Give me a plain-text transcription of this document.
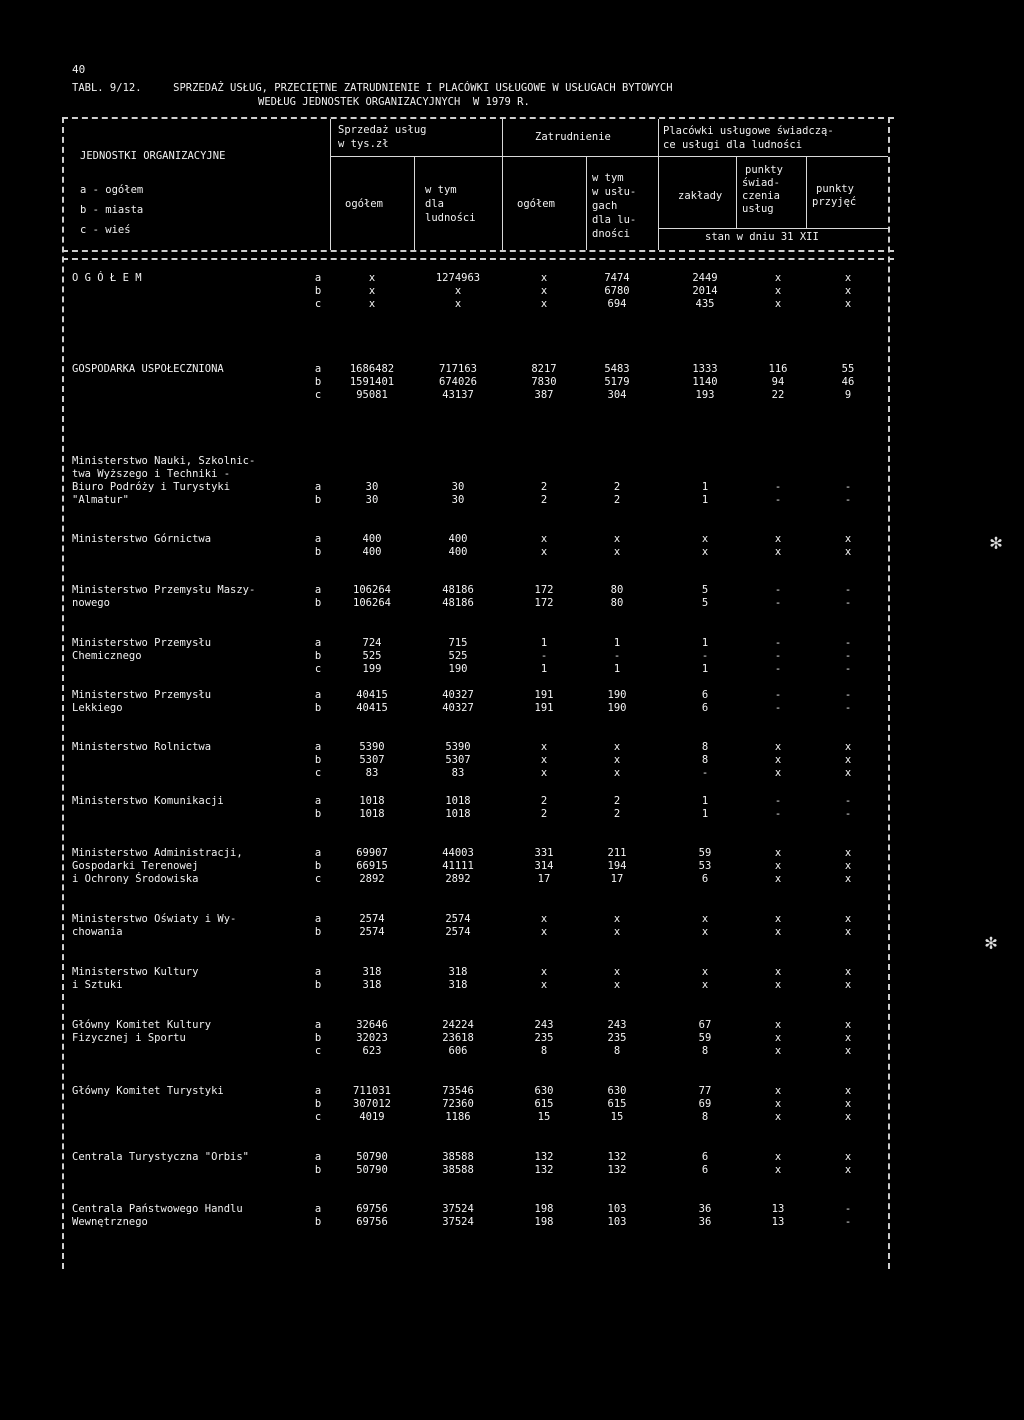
40
TABL. 9/12.     SPRZEDAŻ USŁUG, PRZECIĘTNE ZATRUDNIENIE I PLACÓWKI USŁUGOWE W USŁUGACH BYTOWYCH
WEDŁUG JEDNOSTEK ORGANIZACYJNYCH  W 1979 R.
JEDNOSTKI ORGANIZACYJNE
a - ogółem
b - miasta
c - wieś
Sprzedaż usług
w tys.zł
ogółem
w tym
dla
ludności
Zatrudnienie
ogółem
w tym
w usłu-
gach
dla lu-
dności
Placówki usługowe świadczą-
ce usługi dla ludności
zakłady
punkty
świad-
czenia
usług
punkty
przyjęć
stan w dniu 31 XII
O G Ó Ł E M	a	x	1274963	x	7474	2449	x	x
b	x	x	x	6780	2014	x	x
c	x	x	x	694	435	x	x
GOSPODARKA USPOŁECZNIONA	a	1686482	717163	8217	5483	1333	116	55
b	1591401	674026	7830	5179	1140	94	46
c	95081	43137	387	304	193	22	9
Ministerstwo Nauki, Szkolnic-
twa Wyższego i Techniki -
Biuro Podróży i Turystyki
"Almatur"
a	30	30	2	2	1	-	-
b	30	30	2	2	1	-	-
Ministerstwo Górnictwa	a	400	400	x	x	x	x	x
b	400	400	x	x	x	x	x
Ministerstwo Przemysłu Maszy-
nowego
a	106264	48186	172	80	5	-	-
b	106264	48186	172	80	5	-	-
Ministerstwo Przemysłu
Chemicznego
a	724	715	1	1	1	-	-
b	525	525	-	-	-	-	-
c	199	190	1	1	1	-	-
Ministerstwo Przemysłu
Lekkiego
a	40415	40327	191	190	6	-	-
b	40415	40327	191	190	6	-	-
Ministerstwo Rolnictwa	a	5390	5390	x	x	8	x	x
b	5307	5307	x	x	8	x	x
c	83	83	x	x	-	x	x
Ministerstwo Komunikacji	a	1018	1018	2	2	1	-	-
b	1018	1018	2	2	1	-	-
Ministerstwo Administracji,
Gospodarki Terenowej
i Ochrony Środowiska
a	69907	44003	331	211	59	x	x
b	66915	41111	314	194	53	x	x
c	2892	2892	17	17	6	x	x
Ministerstwo Oświaty i Wy-
chowania
a	2574	2574	x	x	x	x	x
b	2574	2574	x	x	x	x	x
Ministerstwo Kultury
i Sztuki
a	318	318	x	x	x	x	x
b	318	318	x	x	x	x	x
Główny Komitet Kultury
Fizycznej i Sportu
a	32646	24224	243	243	67	x	x
b	32023	23618	235	235	59	x	x
c	623	606	8	8	8	x	x
Główny Komitet Turystyki	a	711031	73546	630	630	77	x	x
b	307012	72360	615	615	69	x	x
c	4019	1186	15	15	8	x	x
Centrala Turystyczna "Orbis"	a	50790	38588	132	132	6	x	x
b	50790	38588	132	132	6	x	x
Centrala Państwowego Handlu
Wewnętrznego
a	69756	37524	198	103	36	13	-
b	69756	37524	198	103	36	13	-
✻
✻
